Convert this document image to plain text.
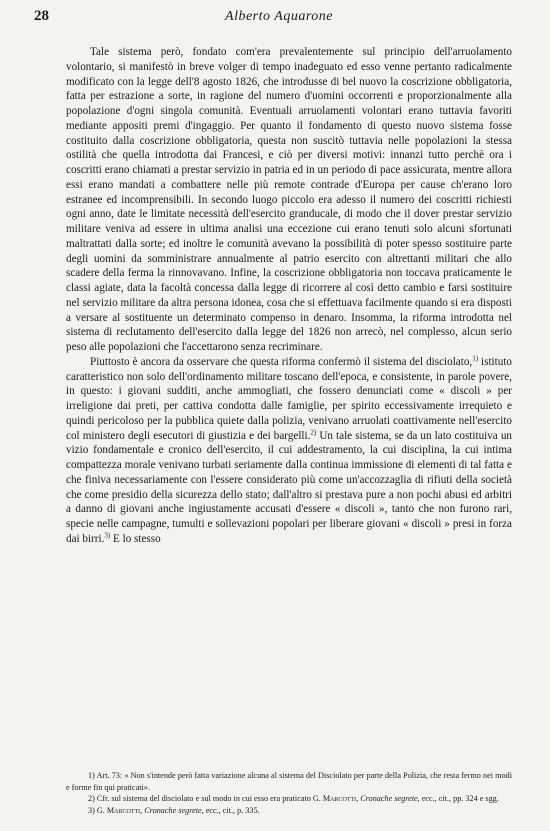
28	Alberto Aquarone

Tale sistema però, fondato com'era prevalentemente sul principio dell'arruolamento volontario, si manifestò in breve volger di tempo inadeguato ed esso venne pertanto radicalmente modificato con la legge dell'8 agosto 1826, che introdusse di bel nuovo la coscrizione obbligatoria, fatta per estrazione a sorte, in ragione del numero d'uomini occorrenti e proporzionalmente alla popolazione d'ogni singola comunità. Eventuali arruolamenti volontari erano tuttavia favoriti mediante appositi premi d'ingaggio. Per quanto il fondamento di questo nuovo sistema fosse costituito dalla coscrizione obbligatoria, questa non suscitò tuttavia nelle popolazioni la stessa ostilità che quella introdotta dai Francesi, e ciò per diversi motivi: innanzi tutto perchè ora i coscritti erano chiamati a prestar servizio in patria ed in un periodo di pace assicurata, mentre allora essi erano mandati a combattere nelle più remote contrade d'Europa per cause ch'erano loro estranee ed incomprensibili. In secondo luogo piccolo era adesso il numero dei coscritti richiesti ogni anno, date le limitate necessità dell'esercito granducale, di modo che il dover prestar servizio militare veniva ad essere in ultima analisi una eccezione cui erano tenuti solo alcuni sfortunati maltrattati dalla sorte; ed inoltre le comunità avevano la possibilità di poter spesso sostituire parte degli uomini da somministrare annualmente al patrio esercito con altrettanti militari che allo scadere della ferma la rinnovavano. Infine, la coscrizione obbligatoria non toccava praticamente le classi agiate, data la facoltà concessa dalla legge di ricorrere al così detto cambio e farsi sostituire nel servizio militare da altra persona idonea, cosa che si effettuava facilmente quando si era disposti a versare al sostituente un determinato compenso in denaro. Insomma, la riforma introdotta nel sistema di reclutamento dell'esercito dalla legge del 1826 non arrecò, nel complesso, alcun serio peso alle popolazioni che l'accettarono senza recriminare.

Piuttosto è ancora da osservare che questa riforma confermò il sistema del disciolato,$^{1)}$ istituto caratteristico non solo dell'ordinamento militare toscano dell'epoca, e consistente, in parole povere, in questo: i giovani sudditi, anche ammogliati, che fossero denunciati come « discoli » per irreligione dai preti, per cattiva condotta dalle famiglie, per spirito eccessivamente irrequieto e quindi pericoloso per la pubblica quiete dalla polizia, venivano arruolati coattivamente nell'esercito col ministero degli esecutori di giustizia e dei bargelli.$^{2)}$ Un tale sistema, se da un lato costituiva un vizio fondamentale e cronico dell'esercito, il cui addestramento, la cui disciplina, la cui intima compattezza morale venivano turbati seriamente dalla continua immissione di elementi di tal fatta e che finiva necessariamente con l'essere considerato più come un'accozzaglia di rifiuti della società che come presidio della sicurezza dello stato; dall'altro si prestava pure a non pochi abusi ed arbitri a danno di giovani anche ingiustamente accusati d'essere « discoli », tanto che non furono rari, specie nelle campagne, tumulti e sollevazioni popolari per liberare giovani « discoli » presi in forza dai birri.$^{3)}$ E lo stesso

1) Art. 73: « Non s'intende però fatta variazione alcuna al sistema del Disciolato per parte della Polizia, che resta fermo nei modi e forme fin qui praticati».

2) Cfr. sul sistema del disciolato e sul modo in cui esso era praticato G. Marcotti, Cronache segrete, ecc., cit., pp. 324 e sgg.

3) G. Marcotti, Cronache segrete, ecc., cit., p. 335.
